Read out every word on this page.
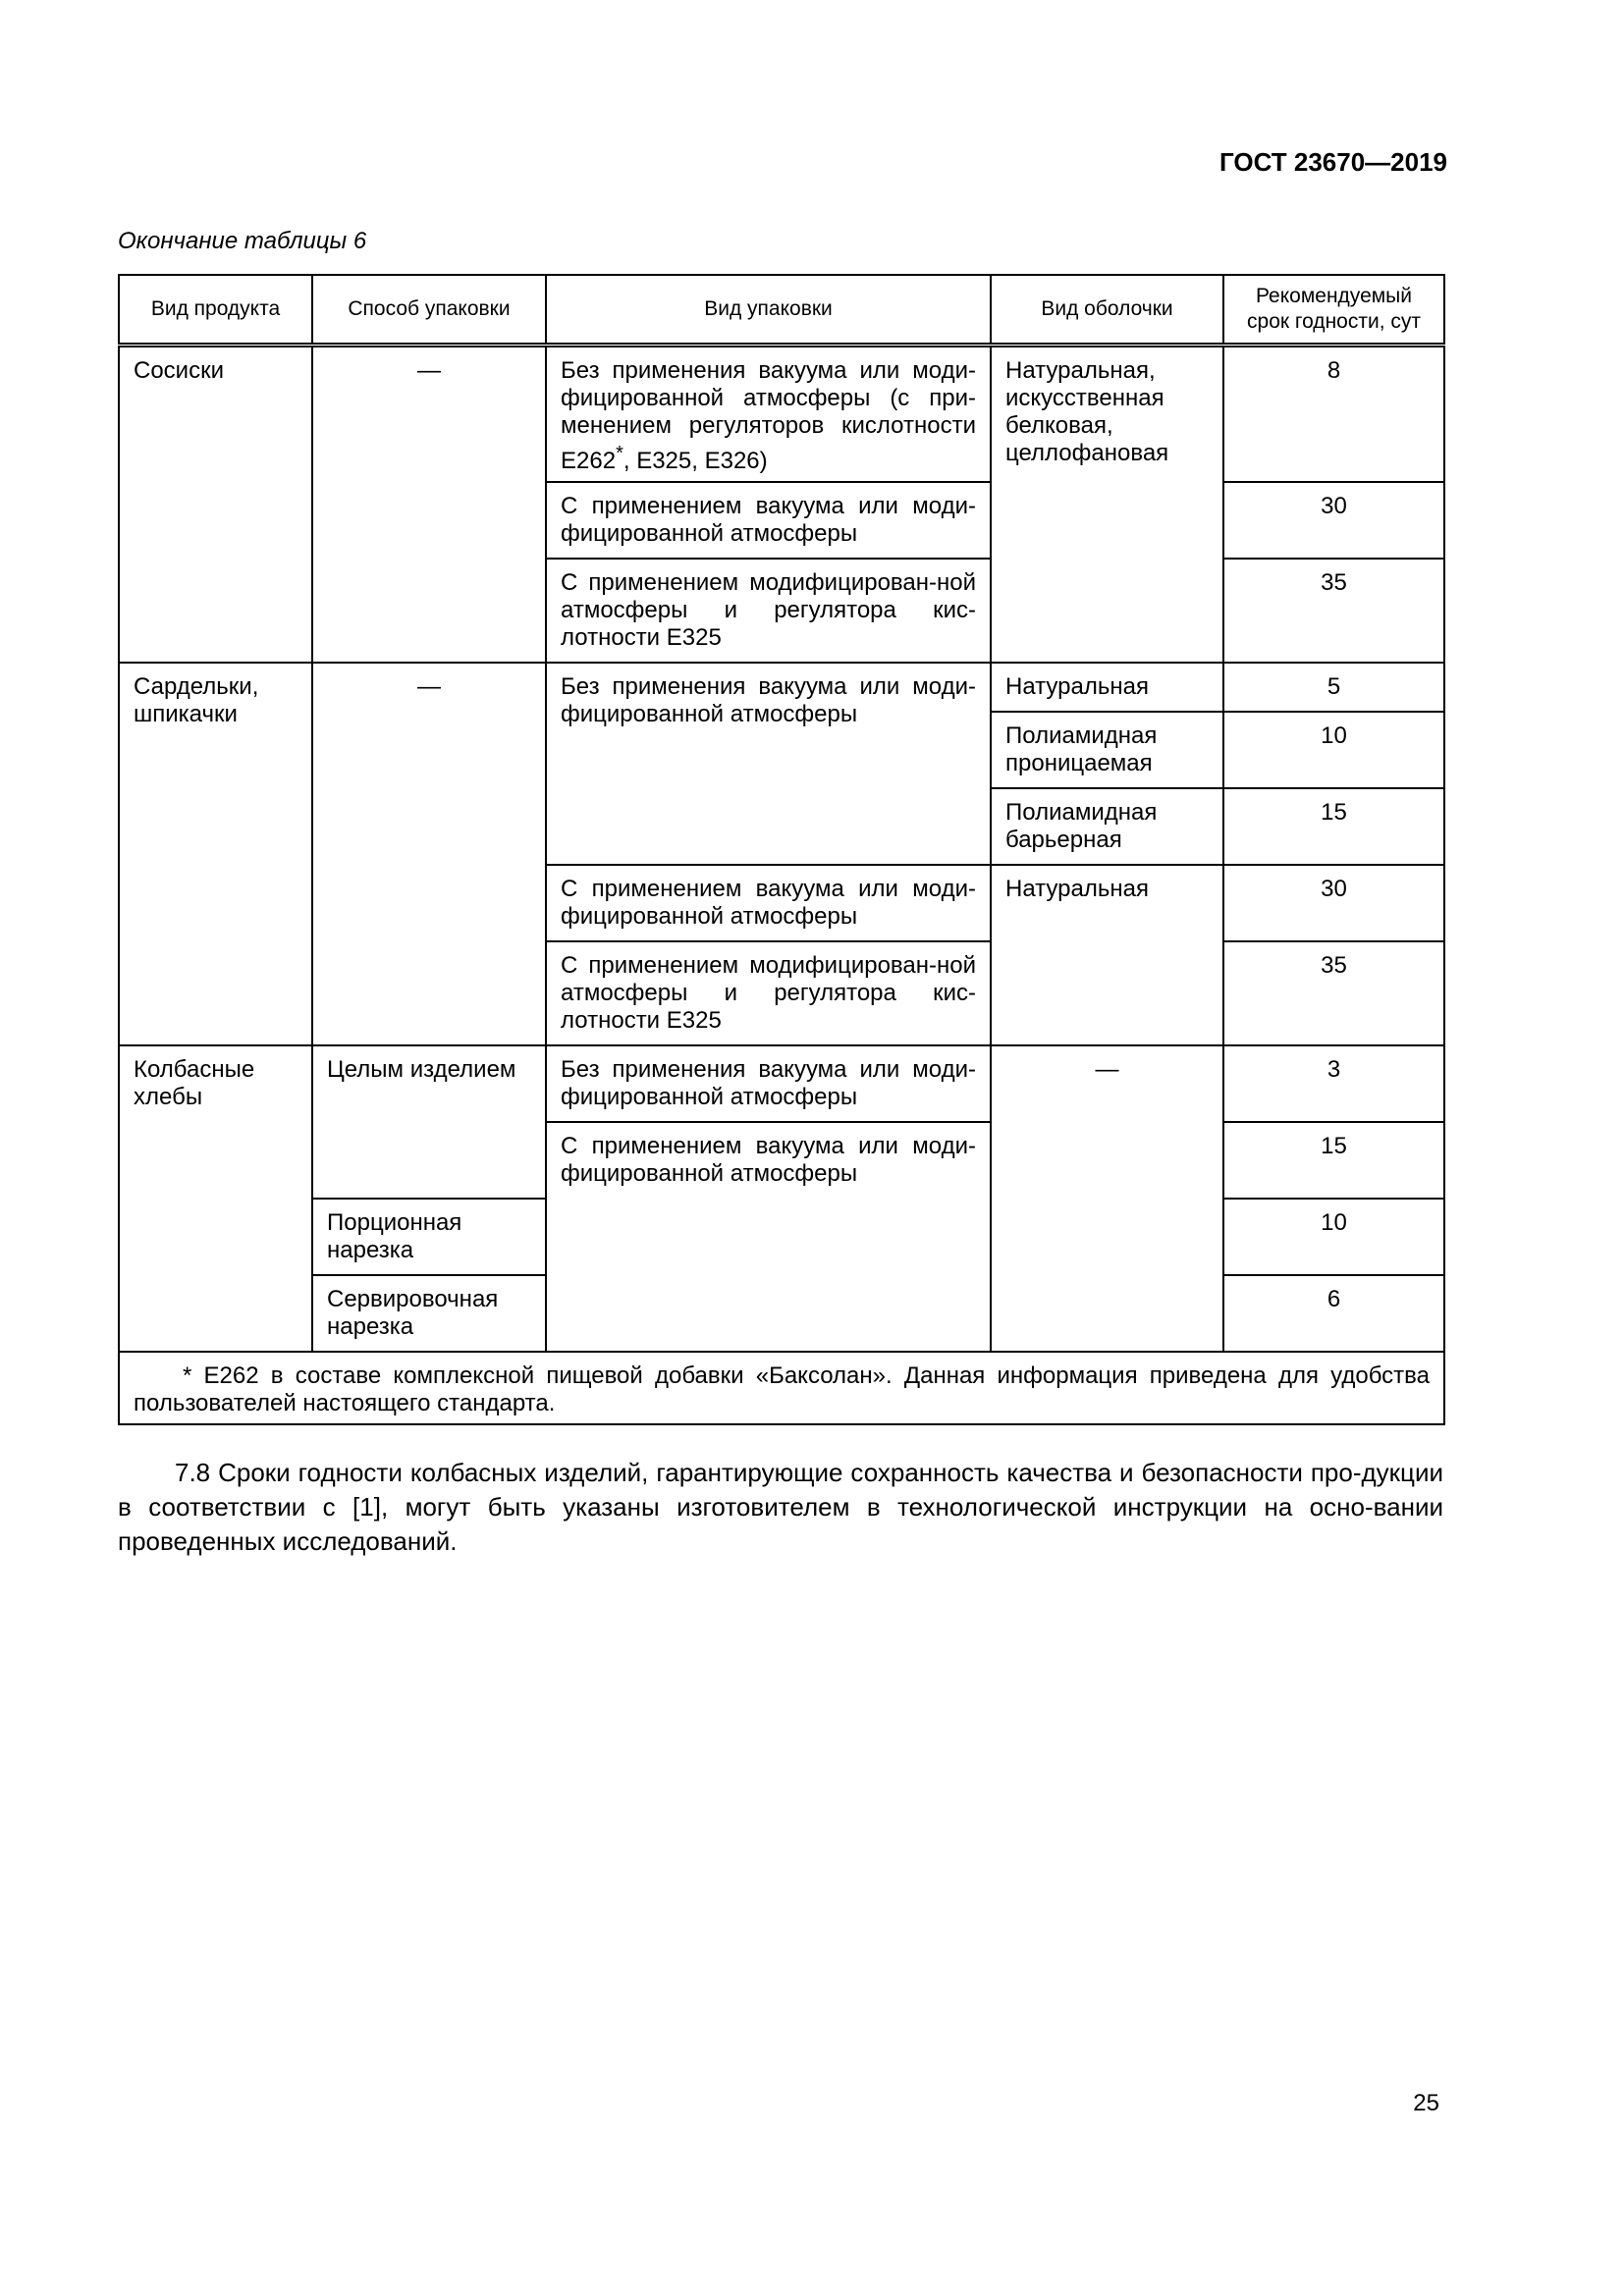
ГОСТ 23670—2019
Окончание таблицы 6
Вид продукта	Способ упаковки	Вид упаковки	Вид оболочки	Рекомендуемый срок годности, сут
Сосиски	—	Без применения вакуума или моди-фицированной атмосферы (с при-менением регуляторов кислотности E262*, E325, E326)	Натуральная, искусственная белковая, целлофановая	8
		С применением вакуума или моди-фицированной атмосферы		30
		С применением модифицирован-ной атмосферы и регулятора кис-лотности E325		35
Сардельки, шпикачки	—	Без применения вакуума или моди-фицированной атмосферы	Натуральная	5
			Полиамидная проницаемая	10
			Полиамидная барьерная	15
		С применением вакуума или моди-фицированной атмосферы	Натуральная	30
		С применением модифицирован-ной атмосферы и регулятора кис-лотности E325		35
Колбасные хлебы	Целым изделием	Без применения вакуума или моди-фицированной атмосферы	—	3
		С применением вакуума или моди-фицированной атмосферы		15
	Порционная нарезка			10
	Сервировочная нарезка			6
* E262 в составе комплексной пищевой добавки «Баксолан». Данная информация приведена для удобства пользователей настоящего стандарта.				
7.8 Сроки годности колбасных изделий, гарантирующие сохранность качества и безопасности про-дукции в соответствии с [1], могут быть указаны изготовителем в технологической инструкции на осно-вании проведенных исследований.
25
